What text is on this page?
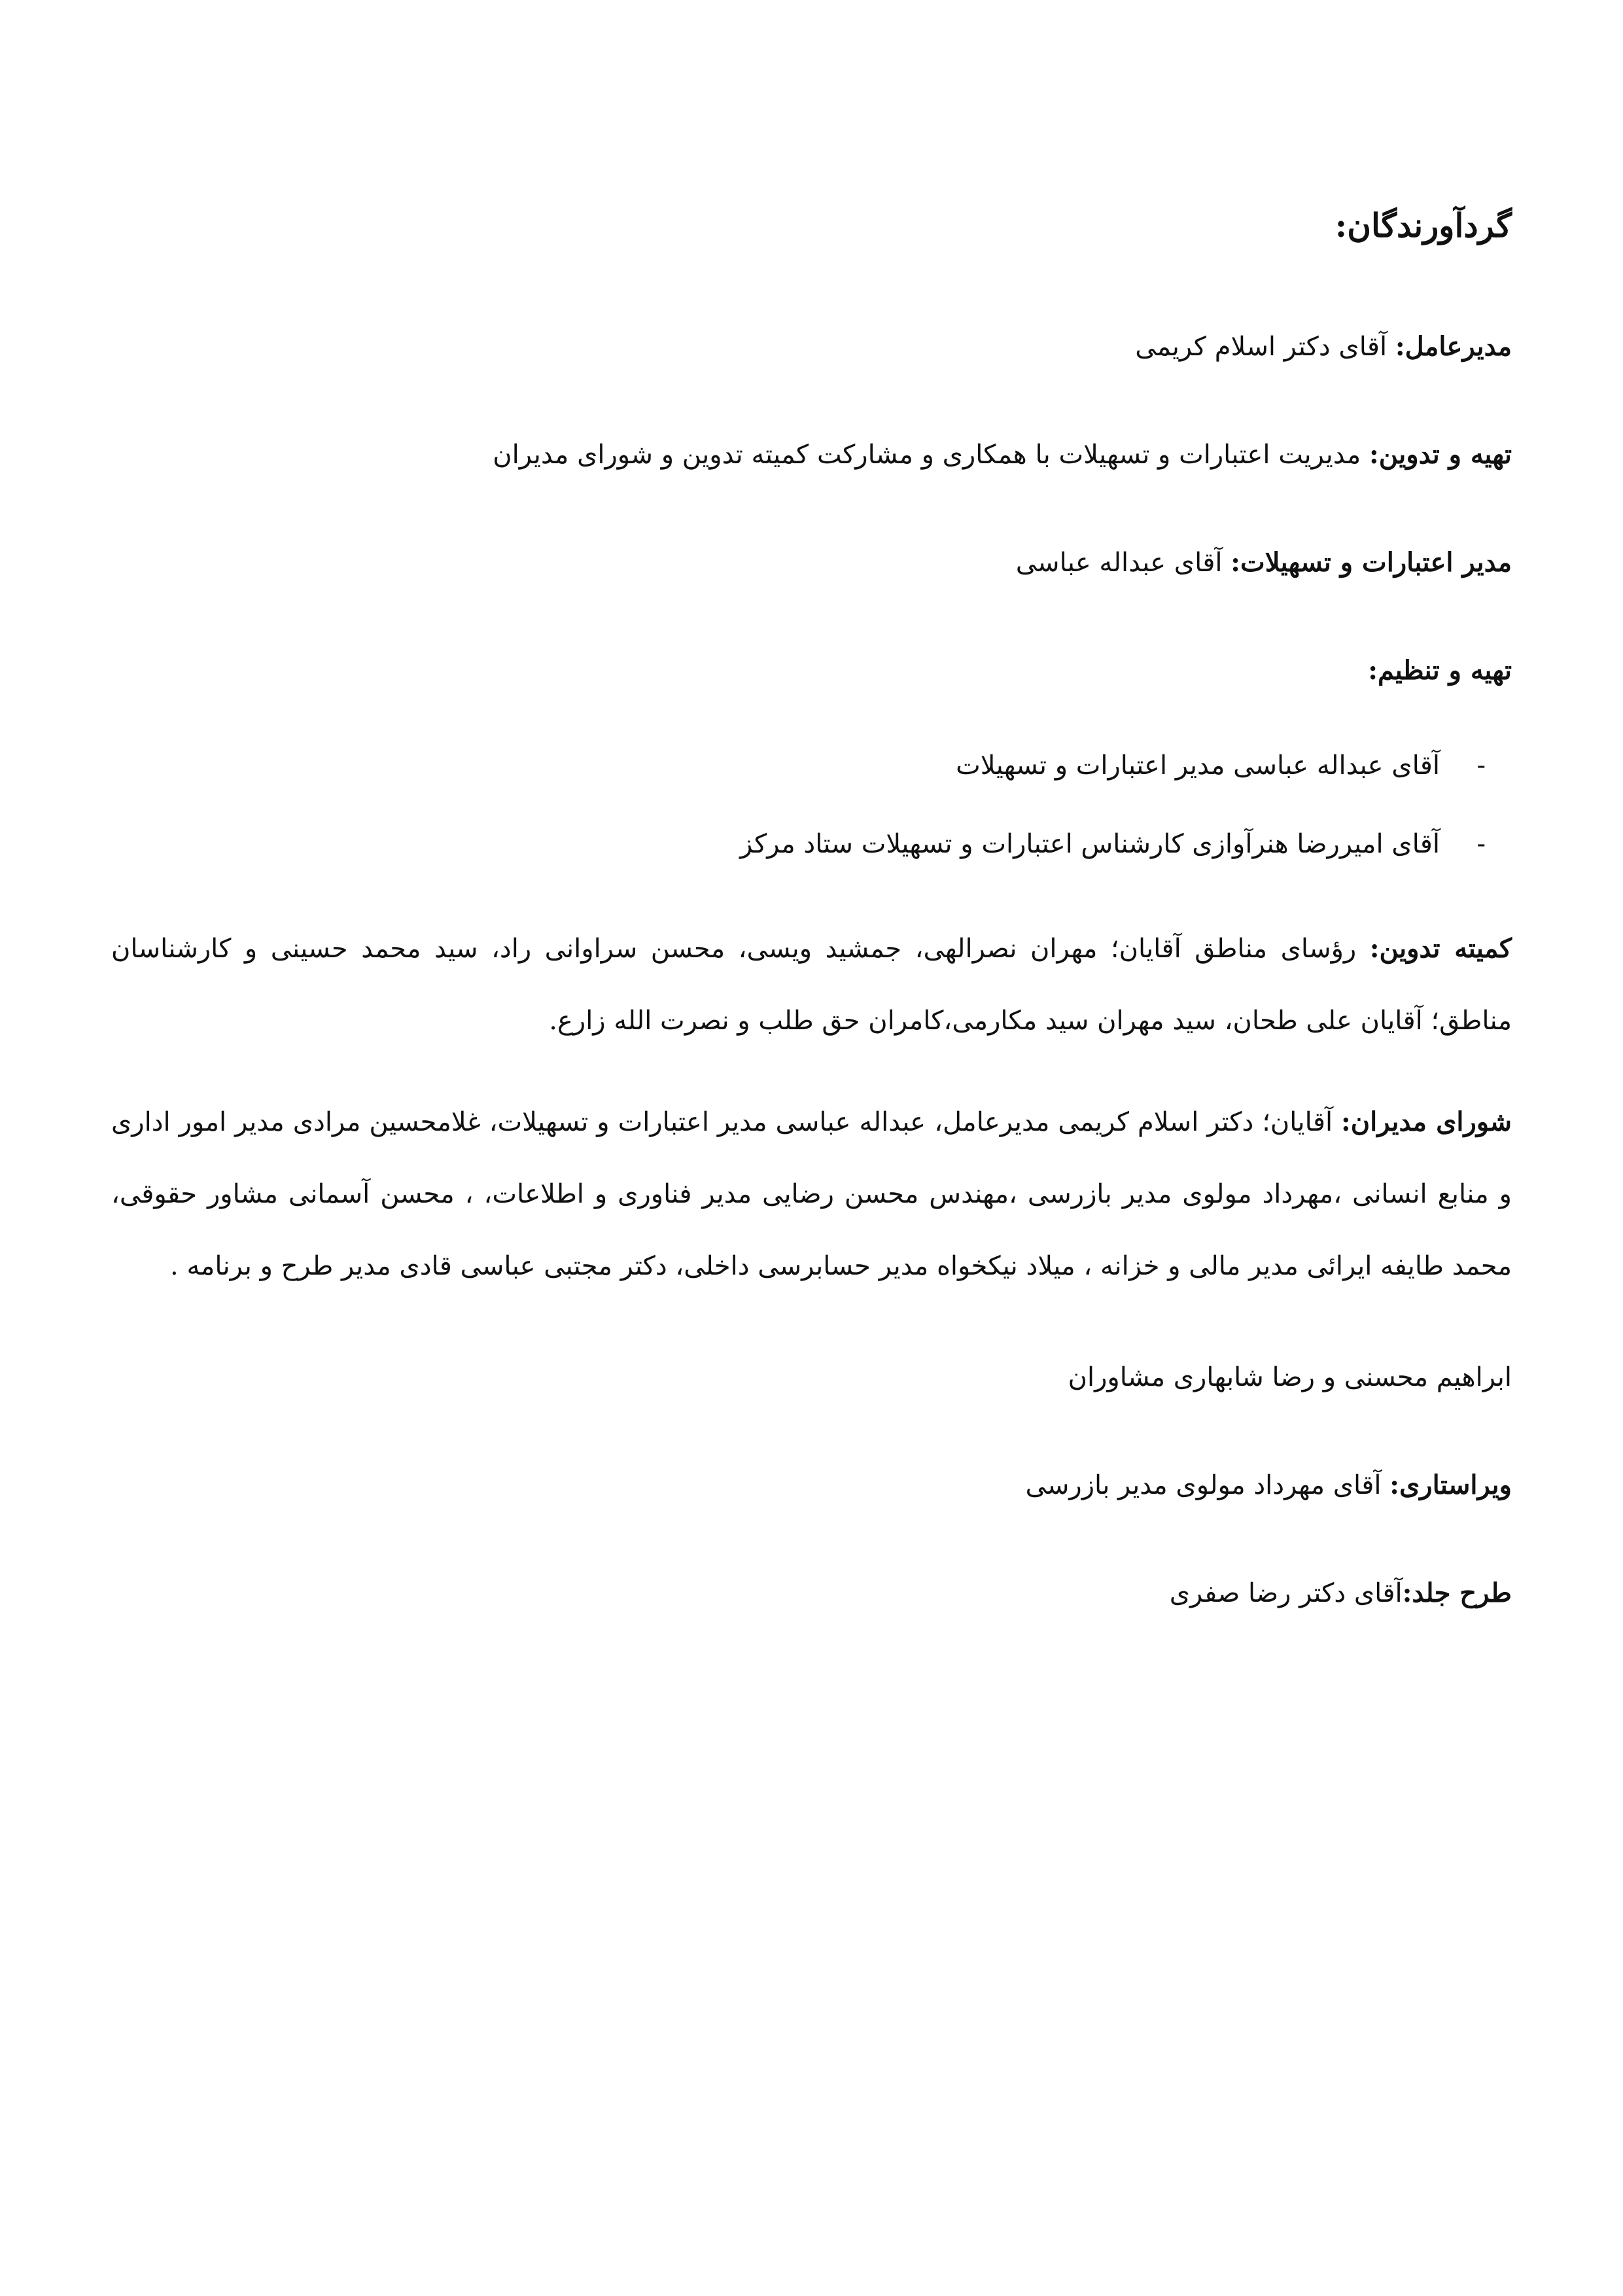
گردآورندگان:

مدیرعامل: آقای دکتر اسلام کریمی

تهیه و تدوین: مدیریت اعتبارات و تسهیلات با همکاری و مشارکت کمیته تدوین و شورای مدیران

مدیر اعتبارات و تسهیلات: آقای عبداله عباسی

تهیه و تنظیم:

-
آقای عبداله عباسی مدیر اعتبارات و تسهیلات
-
آقای امیررضا هنرآوازی کارشناس اعتبارات و تسهیلات ستاد مرکز

کمیته تدوین: رؤسای مناطق آقایان؛ مهران نصرالهی، جمشید ویسی، محسن سراوانی راد، سید محمد حسینی و کارشناسان مناطق؛ آقایان علی طحان، سید مهران سید مکارمی،کامران حق طلب و نصرت الله زارع.

شورای مدیران: آقایان؛ دکتر اسلام کریمی مدیرعامل، عبداله عباسی مدیر اعتبارات و تسهیلات، غلامحسین مرادی مدیر امور اداری و منابع انسانی ،مهرداد مولوی مدیر بازرسی ،مهندس محسن رضایی مدیر فناوری و اطلاعات، ، محسن آسمانی مشاور حقوقی، محمد طایفه ایرائی مدیر مالی و خزانه ، میلاد نیکخواه مدیر حسابرسی داخلی، دکتر مجتبی عباسی قادی مدیر طرح و برنامه .

ابراهیم محسنی و رضا شابهاری مشاوران

ویراستاری: آقای مهرداد مولوی مدیر بازرسی

طرح جلد:آقای دکتر رضا صفری
